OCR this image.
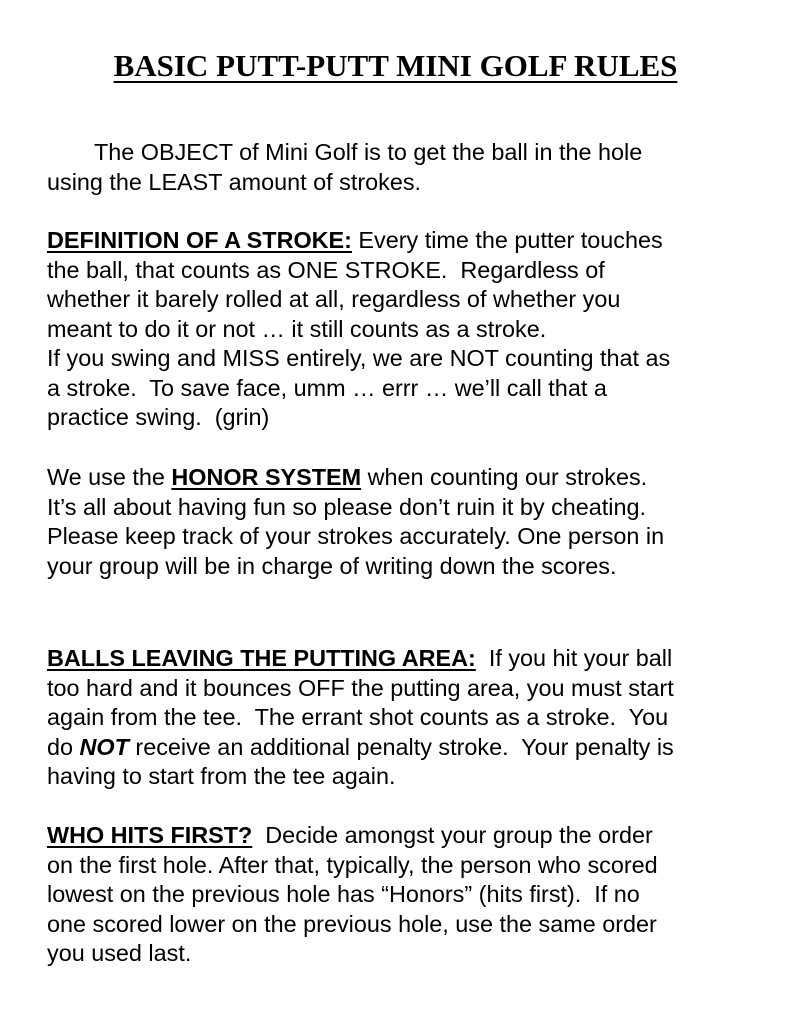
BASIC PUTT-PUTT MINI GOLF RULES
The OBJECT of Mini Golf is to get the ball in the hole
using the LEAST amount of strokes.
DEFINITION OF A STROKE: Every time the putter touches
the ball, that counts as ONE STROKE.  Regardless of
whether it barely rolled at all, regardless of whether you
meant to do it or not … it still counts as a stroke.
If you swing and MISS entirely, we are NOT counting that as
a stroke.  To save face, umm … errr … we’ll call that a
practice swing.  (grin)
We use the HONOR SYSTEM when counting our strokes.
It’s all about having fun so please don’t ruin it by cheating.
Please keep track of your strokes accurately. One person in
your group will be in charge of writing down the scores.
BALLS LEAVING THE PUTTING AREA:  If you hit your ball
too hard and it bounces OFF the putting area, you must start
again from the tee.  The errant shot counts as a stroke.  You
do NOT receive an additional penalty stroke.  Your penalty is
having to start from the tee again.
WHO HITS FIRST?  Decide amongst your group the order
on the first hole. After that, typically, the person who scored
lowest on the previous hole has “Honors” (hits first).  If no
one scored lower on the previous hole, use the same order
you used last.
